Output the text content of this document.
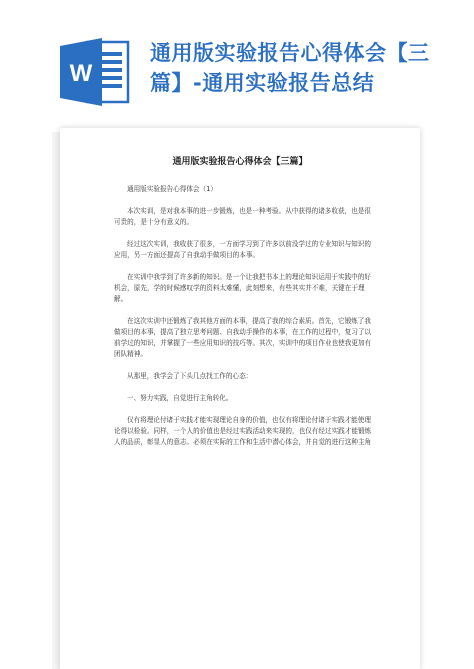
W
通用版实验报告心得体会【三篇】-通用实验报告总结
通用版实验报告心得体会【三篇】

通用版实验报告心得体会（1）

本次实训，是对我本事的进一步锻炼，也是一种考验。从中获得的诸多收获，也是很可贵的，是十分有意义的。

经过这次实训，我收获了很多，一方面学习到了许多以前没学过的专业知识与知识的应用，另一方面还提高了自我动手做项目的本事。

在实训中我学到了许多新的知识。是一个让我把书本上的理论知识运用于实践中的好机会，原先，学的时候感叹学的资料太难懂，此刻想来，有些其实并不难，关键在于理解。

在这次实训中还锻炼了我其他方面的本事，提高了我的综合素质。首先，它锻炼了我做项目的本事，提高了独立思考问题、自我动手操作的本事，在工作的过程中，复习了以前学过的知识，并掌握了一些应用知识的技巧等。其次，实训中的项目作业也使我更加有团队精神。

从那里，我学会了下头几点找工作的心态：

一、努力实践，自觉进行主角转化。

仅有将理论付诸于实践才能实现理论自身的价值，也仅有将理论付诸于实践才能使理论得以检验。同样，一个人的价值也是经过实践活动来实现的，也仅有经过实践才能锻炼人的品质，彰显人的意志。必须在实际的工作和生活中潜心体会，并自觉的进行这种主角
